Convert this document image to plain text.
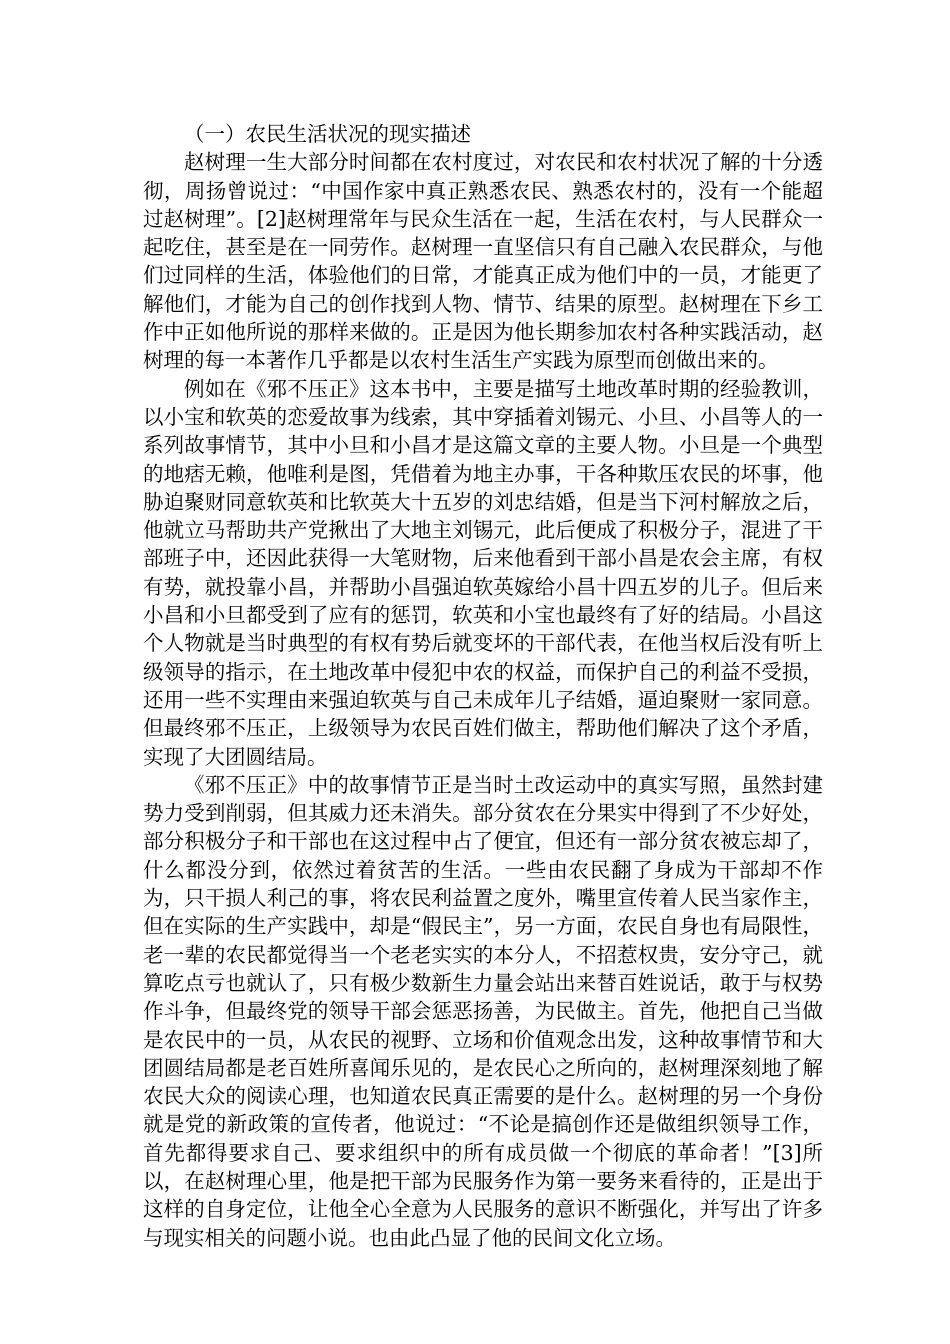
（一）农民生活状况的现实描述

赵树理一生大部分时间都在农村度过，对农民和农村状况了解的十分透彻，周扬曾说过：“中国作家中真正熟悉农民、熟悉农村的，没有一个能超过赵树理”。[2]赵树理常年与民众生活在一起，生活在农村，与人民群众一起吃住，甚至是在一同劳作。赵树理一直坚信只有自己融入农民群众，与他们过同样的生活，体验他们的日常，才能真正成为他们中的一员，才能更了解他们，才能为自己的创作找到人物、情节、结果的原型。赵树理在下乡工作中正如他所说的那样来做的。正是因为他长期参加农村各种实践活动，赵树理的每一本著作几乎都是以农村生活生产实践为原型而创做出来的。

例如在《邪不压正》这本书中，主要是描写土地改革时期的经验教训，以小宝和软英的恋爱故事为线索，其中穿插着刘锡元、小旦、小昌等人的一系列故事情节，其中小旦和小昌才是这篇文章的主要人物。小旦是一个典型的地痞无赖，他唯利是图，凭借着为地主办事，干各种欺压农民的坏事，他胁迫聚财同意软英和比软英大十五岁的刘忠结婚，但是当下河村解放之后，他就立马帮助共产党揪出了大地主刘锡元，此后便成了积极分子，混进了干部班子中，还因此获得一大笔财物，后来他看到干部小昌是农会主席，有权有势，就投靠小昌，并帮助小昌强迫软英嫁给小昌十四五岁的儿子。但后来小昌和小旦都受到了应有的惩罚，软英和小宝也最终有了好的结局。小昌这个人物就是当时典型的有权有势后就变坏的干部代表，在他当权后没有听上级领导的指示，在土地改革中侵犯中农的权益，而保护自己的利益不受损，还用一些不实理由来强迫软英与自己未成年儿子结婚，逼迫聚财一家同意。但最终邪不压正，上级领导为农民百姓们做主，帮助他们解决了这个矛盾，实现了大团圆结局。

《邪不压正》中的故事情节正是当时土改运动中的真实写照，虽然封建势力受到削弱，但其威力还未消失。部分贫农在分果实中得到了不少好处，部分积极分子和干部也在这过程中占了便宜，但还有一部分贫农被忘却了，什么都没分到，依然过着贫苦的生活。一些由农民翻了身成为干部却不作为，只干损人利己的事，将农民利益置之度外，嘴里宣传着人民当家作主，但在实际的生产实践中，却是“假民主”，另一方面，农民自身也有局限性，老一辈的农民都觉得当一个老老实实的本分人，不招惹权贵，安分守己，就算吃点亏也就认了，只有极少数新生力量会站出来替百姓说话，敢于与权势作斗争，但最终党的领导干部会惩恶扬善，为民做主。首先，他把自己当做是农民中的一员，从农民的视野、立场和价值观念出发，这种故事情节和大团圆结局都是老百姓所喜闻乐见的，是农民心之所向的，赵树理深刻地了解农民大众的阅读心理，也知道农民真正需要的是什么。赵树理的另一个身份就是党的新政策的宣传者，他说过：“不论是搞创作还是做组织领导工作，首先都得要求自己、要求组织中的所有成员做一个彻底的革命者！”[3]所以，在赵树理心里，他是把干部为民服务作为第一要务来看待的，正是出于这样的自身定位，让他全心全意为人民服务的意识不断强化，并写出了许多与现实相关的问题小说。也由此凸显了他的民间文化立场。
